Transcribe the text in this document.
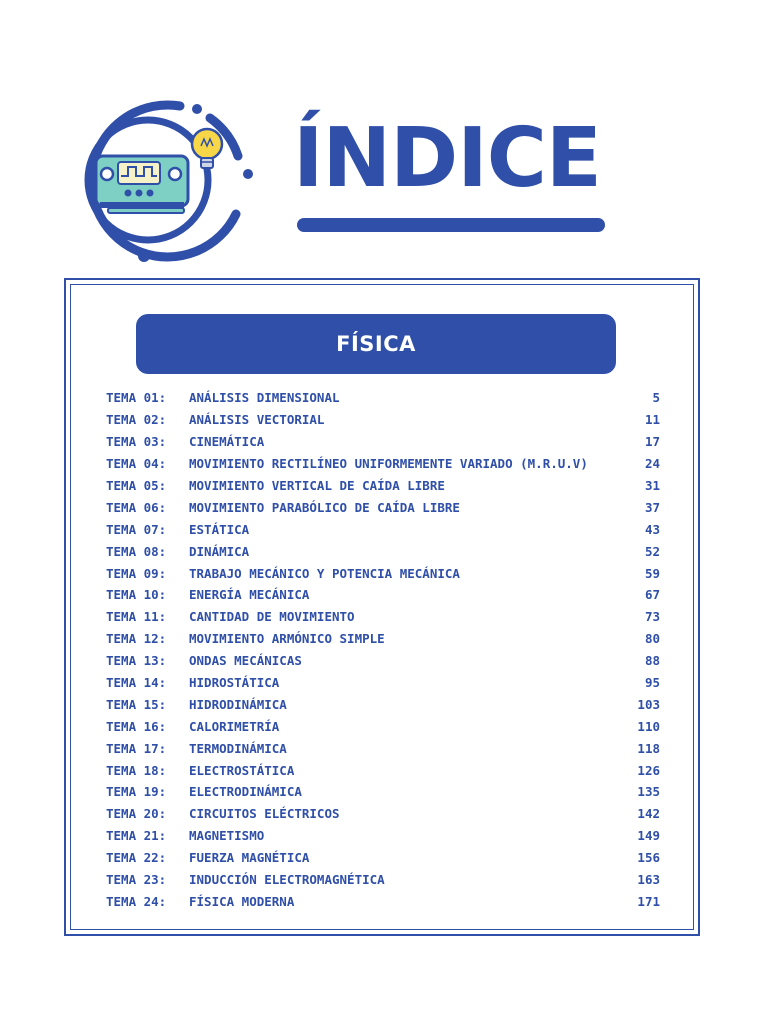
ÍNDICE
FÍSICA
TEMA 01:	ANÁLISIS DIMENSIONAL	5
TEMA 02:	ANÁLISIS VECTORIAL	11
TEMA 03:	CINEMÁTICA	17
TEMA 04:	MOVIMIENTO RECTILÍNEO UNIFORMEMENTE VARIADO (M.R.U.V)	24
TEMA 05:	MOVIMIENTO VERTICAL DE CAÍDA LIBRE	31
TEMA 06:	MOVIMIENTO PARABÓLICO DE CAÍDA LIBRE	37
TEMA 07:	ESTÁTICA	43
TEMA 08:	DINÁMICA	52
TEMA 09:	TRABAJO MECÁNICO Y POTENCIA MECÁNICA	59
TEMA 10:	ENERGÍA MECÁNICA	67
TEMA 11:	CANTIDAD DE MOVIMIENTO	73
TEMA 12:	MOVIMIENTO ARMÓNICO SIMPLE	80
TEMA 13:	ONDAS MECÁNICAS	88
TEMA 14:	HIDROSTÁTICA	95
TEMA 15:	HIDRODINÁMICA	103
TEMA 16:	CALORIMETRÍA	110
TEMA 17:	TERMODINÁMICA	118
TEMA 18:	ELECTROSTÁTICA	126
TEMA 19:	ELECTRODINÁMICA	135
TEMA 20:	CIRCUITOS ELÉCTRICOS	142
TEMA 21:	MAGNETISMO	149
TEMA 22:	FUERZA MAGNÉTICA	156
TEMA 23:	INDUCCIÓN ELECTROMAGNÉTICA	163
TEMA 24:	FÍSICA MODERNA	171
